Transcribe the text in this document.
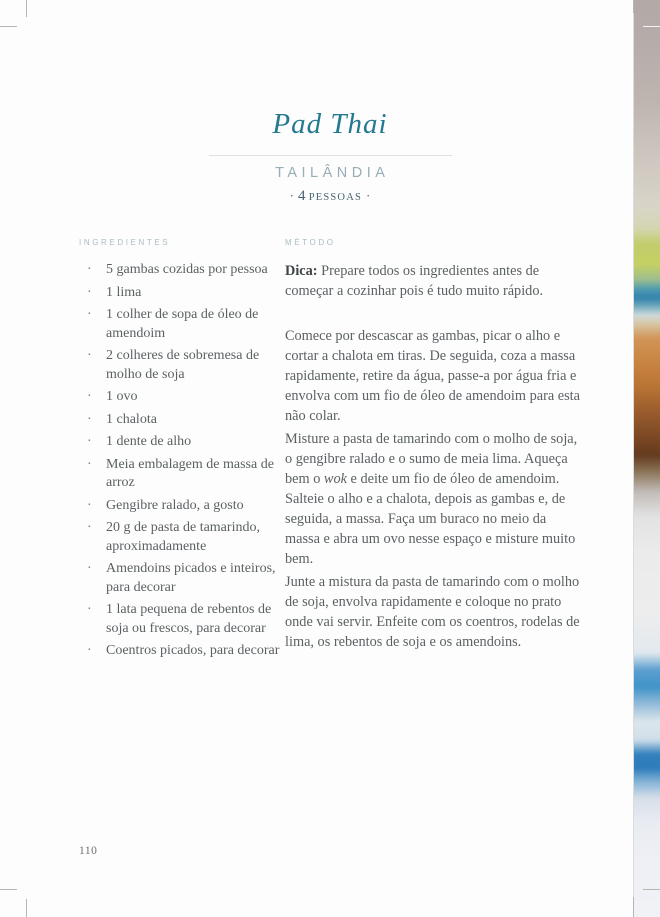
Pad Thai
TAILÂNDIA
· 4 PESSOAS ·
INGREDIENTES
·	5 gambas cozidas por pessoa
·	1 lima
·	1 colher de sopa de óleo de amendoim
·	2 colheres de sobremesa de molho de soja
·	1 ovo
·	1 chalota
·	1 dente de alho
·	Meia embalagem de massa de arroz
·	Gengibre ralado, a gosto
·	20 g de pasta de tamarindo, aproximadamente
·	Amendoins picados e inteiros, para decorar
·	1 lata pequena de rebentos de soja ou frescos, para decorar
·	Coentros picados, para decorar
MÉTODO

Dica: Prepare todos os ingredientes antes de começar a cozinhar pois é tudo muito rápido.

Comece por descascar as gambas, picar o alho e cortar a chalota em tiras. De seguida, coza a massa rapidamente, retire da água, passe-a por água fria e envolva com um fio de óleo de amendoim para esta não colar.

Misture a pasta de tamarindo com o molho de soja, o gengibre ralado e o sumo de meia lima. Aqueça bem o wok e deite um fio de óleo de amendoim. Salteie o alho e a chalota, depois as gambas e, de seguida, a massa. Faça um buraco no meio da massa e abra um ovo nesse espaço e misture muito bem.

Junte a mistura da pasta de tamarindo com o molho de soja, envolva rapidamente e coloque no prato onde vai servir. Enfeite com os coentros, rodelas de lima, os rebentos de soja e os amendoins.

110
